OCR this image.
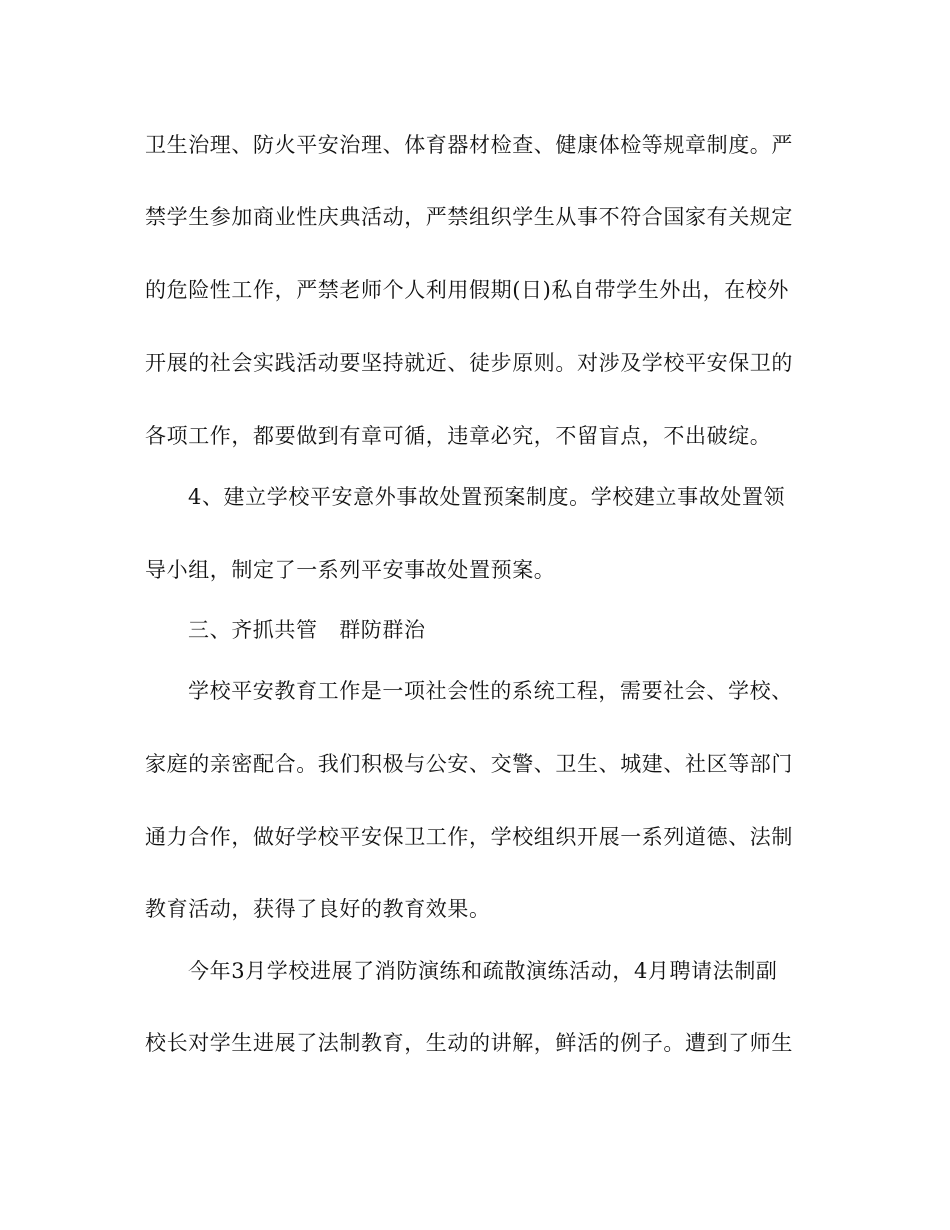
卫生治理、防火平安治理、体育器材检查、健康体检等规章制度。严
禁学生参加商业性庆典活动，严禁组织学生从事不符合国家有关规定
的危险性工作，严禁老师个人利用假期(日)私自带学生外出，在校外
开展的社会实践活动要坚持就近、徒步原则。对涉及学校平安保卫的
各项工作，都要做到有章可循，违章必究，不留盲点，不出破绽。
4、建立学校平安意外事故处置预案制度。学校建立事故处置领
导小组，制定了一系列平安事故处置预案。
三、齐抓共管　群防群治
学校平安教育工作是一项社会性的系统工程，需要社会、学校、
家庭的亲密配合。我们积极与公安、交警、卫生、城建、社区等部门
通力合作，做好学校平安保卫工作，学校组织开展一系列道德、法制
教育活动，获得了良好的教育效果。
今年3月学校进展了消防演练和疏散演练活动，4月聘请法制副
校长对学生进展了法制教育，生动的讲解，鲜活的例子。遭到了师生
